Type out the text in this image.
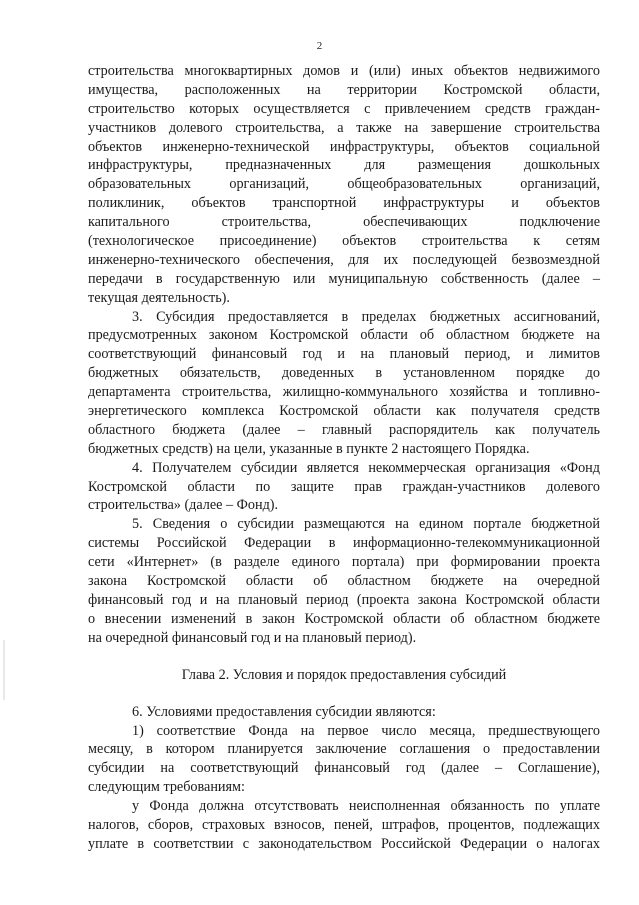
2
строительства многоквартирных домов и (или) иных объектов недвижимого
имущества, расположенных на территории Костромской области,
строительство которых осуществляется с привлечением средств граждан-
участников долевого строительства, а также на завершение строительства
объектов инженерно-технической инфраструктуры, объектов социальной
инфраструктуры, предназначенных для размещения дошкольных
образовательных организаций, общеобразовательных организаций,
поликлиник, объектов транспортной инфраструктуры и объектов
капитального строительства, обеспечивающих подключение
(технологическое присоединение) объектов строительства к сетям
инженерно-технического обеспечения, для их последующей безвозмездной
передачи в государственную или муниципальную собственность (далее –
текущая деятельность).
3. Субсидия предоставляется в пределах бюджетных ассигнований,
предусмотренных законом Костромской области об областном бюджете на
соответствующий финансовый год и на плановый период, и лимитов
бюджетных обязательств, доведенных в установленном порядке до
департамента строительства, жилищно-коммунального хозяйства и топливно-
энергетического комплекса Костромской области как получателя средств
областного бюджета (далее – главный распорядитель как получатель
бюджетных средств) на цели, указанные в пункте 2 настоящего Порядка.
4. Получателем субсидии является некоммерческая организация «Фонд
Костромской области по защите прав граждан-участников долевого
строительства» (далее – Фонд).
5. Сведения о субсидии размещаются на едином портале бюджетной
системы Российской Федерации в информационно-телекоммуникационной
сети «Интернет» (в разделе единого портала) при формировании проекта
закона Костромской области об областном бюджете на очередной
финансовый год и на плановый период (проекта закона Костромской области
о внесении изменений в закон Костромской области об областном бюджете
на очередной финансовый год и на плановый период).
Глава 2. Условия и порядок предоставления субсидий
6. Условиями предоставления субсидии являются:
1) соответствие Фонда на первое число месяца, предшествующего
месяцу, в котором планируется заключение соглашения о предоставлении
субсидии на соответствующий финансовый год (далее – Соглашение),
следующим требованиям:
у Фонда должна отсутствовать неисполненная обязанность по уплате
налогов, сборов, страховых взносов, пеней, штрафов, процентов, подлежащих
уплате в соответствии с законодательством Российской Федерации о налогах
